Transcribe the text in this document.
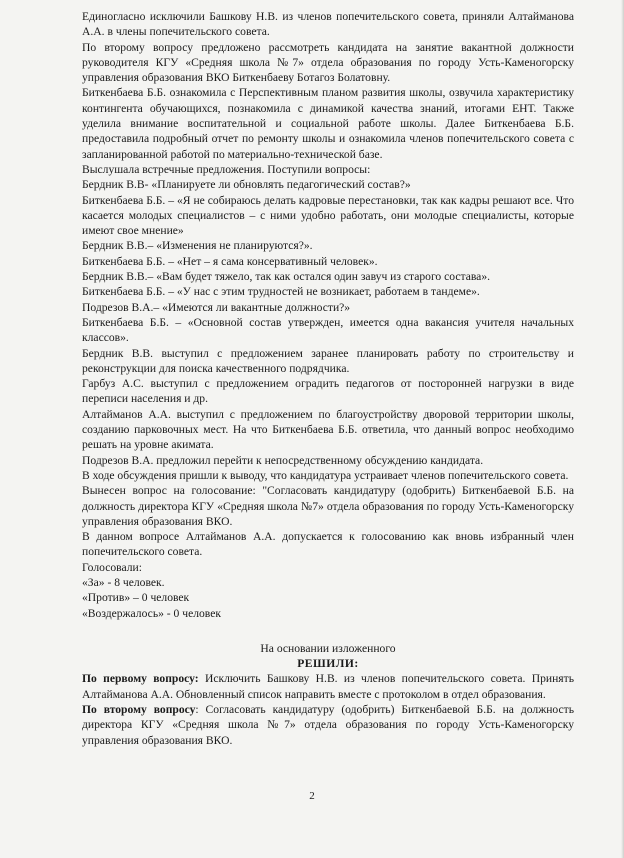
Единогласно исключили Башкову Н.В. из членов попечительского совета, приняли Алтайманова А.А. в члены попечительского совета.

По второму вопросу предложено рассмотреть кандидата на занятие вакантной должности руководителя КГУ «Средняя школа №7» отдела образования по городу Усть-Каменогорску управления образования ВКО Биткенбаеву Ботагоз Болатовну.

Биткенбаева Б.Б. ознакомила с Перспективным планом развития школы, озвучила характеристику контингента обучающихся, познакомила с динамикой качества знаний, итогами ЕНТ. Также уделила внимание воспитательной и социальной работе школы. Далее Биткенбаева Б.Б. предоставила подробный отчет по ремонту школы и ознакомила членов попечительского совета с запланированной работой по материально-технической базе.

Выслушала встречные предложения. Поступили вопросы:

Бердник В.В- «Планируете ли обновлять педагогический состав?»

Биткенбаева Б.Б. – «Я не собираюсь делать кадровые перестановки, так как кадры решают все. Что касается молодых специалистов – с ними удобно работать, они молодые специалисты, которые имеют свое мнение»

Бердник В.В.– «Изменения не планируются?».

Биткенбаева Б.Б. – «Нет – я сама консервативный человек».

Бердник В.В.– «Вам будет тяжело, так как остался один завуч из старого состава».

Биткенбаева Б.Б. – «У нас с этим трудностей не возникает, работаем в тандеме».

Подрезов В.А.– «Имеются ли вакантные должности?»

Биткенбаева Б.Б. – «Основной состав утвержден, имеется одна вакансия учителя начальных классов».

Бердник В.В. выступил с предложением заранее планировать работу по строительству и реконструкции для поиска качественного подрядчика.

Гарбуз А.С. выступил с предложением оградить педагогов от посторонней нагрузки в виде переписи населения и др.

Алтайманов А.А. выступил с предложением по благоустройству дворовой территории школы, созданию парковочных мест. На что Биткенбаева Б.Б. ответила, что данный вопрос необходимо решать на уровне акимата.

Подрезов В.А. предложил перейти к непосредственному обсуждению кандидата.

В ходе обсуждения пришли к выводу, что кандидатура устраивает членов попечительского совета.

Вынесен вопрос на голосование: "Согласовать кандидатуру (одобрить) Биткенбаевой Б.Б. на должность директора КГУ «Средняя школа №7» отдела образования по городу Усть-Каменогорску управления образования ВКО.

В данном вопросе Алтайманов А.А. допускается к голосованию как вновь избранный член попечительского совета.

Голосовали:

«За» - 8 человек.

«Против» – 0 человек

«Воздержалось» - 0 человек

На основании изложенного

РЕШИЛИ:

По первому вопросу: Исключить Башкову Н.В. из членов попечительского совета. Принять Алтайманова А.А. Обновленный список направить вместе с протоколом в отдел образования.

По второму вопросу: Согласовать кандидатуру (одобрить) Биткенбаевой Б.Б. на должность директора КГУ «Средняя школа №7» отдела образования по городу Усть-Каменогорску управления образования ВКО.

2
